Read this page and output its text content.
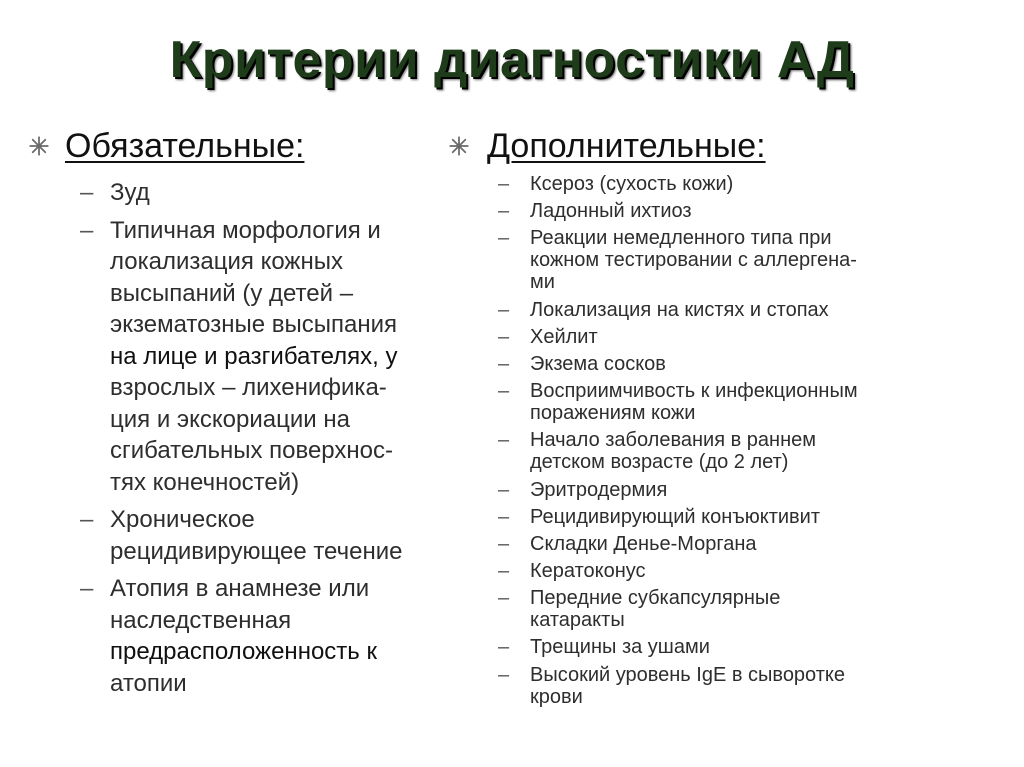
Критерии диагностики АД
Обязательные:
– Зуд
– Типичная морфология и
локализация кожных
высыпаний (у детей –
экзематозные высыпания
на лице и разгибателях, у
взрослых – лихенифика-
ция и экскориации на
сгибательных поверхнос-
тях конечностей)
– Хроническое
рецидивирующее течение
– Атопия в анамнезе или
наследственная
предрасположенность к
атопии
Дополнительные:
– Ксероз (сухость кожи)
– Ладонный ихтиоз
– Реакции немедленного типа при
кожном тестировании с аллергена-
ми
– Локализация на кистях и стопах
– Хейлит
– Экзема сосков
– Восприимчивость к инфекционным
поражениям кожи
– Начало заболевания в раннем
детском возрасте (до 2 лет)
– Эритродермия
– Рецидивирующий конъюктивит
– Складки Денье-Моргана
– Кератоконус
– Передние субкапсулярные
катаракты
– Трещины за ушами
– Высокий уровень IgE в сыворотке
крови
